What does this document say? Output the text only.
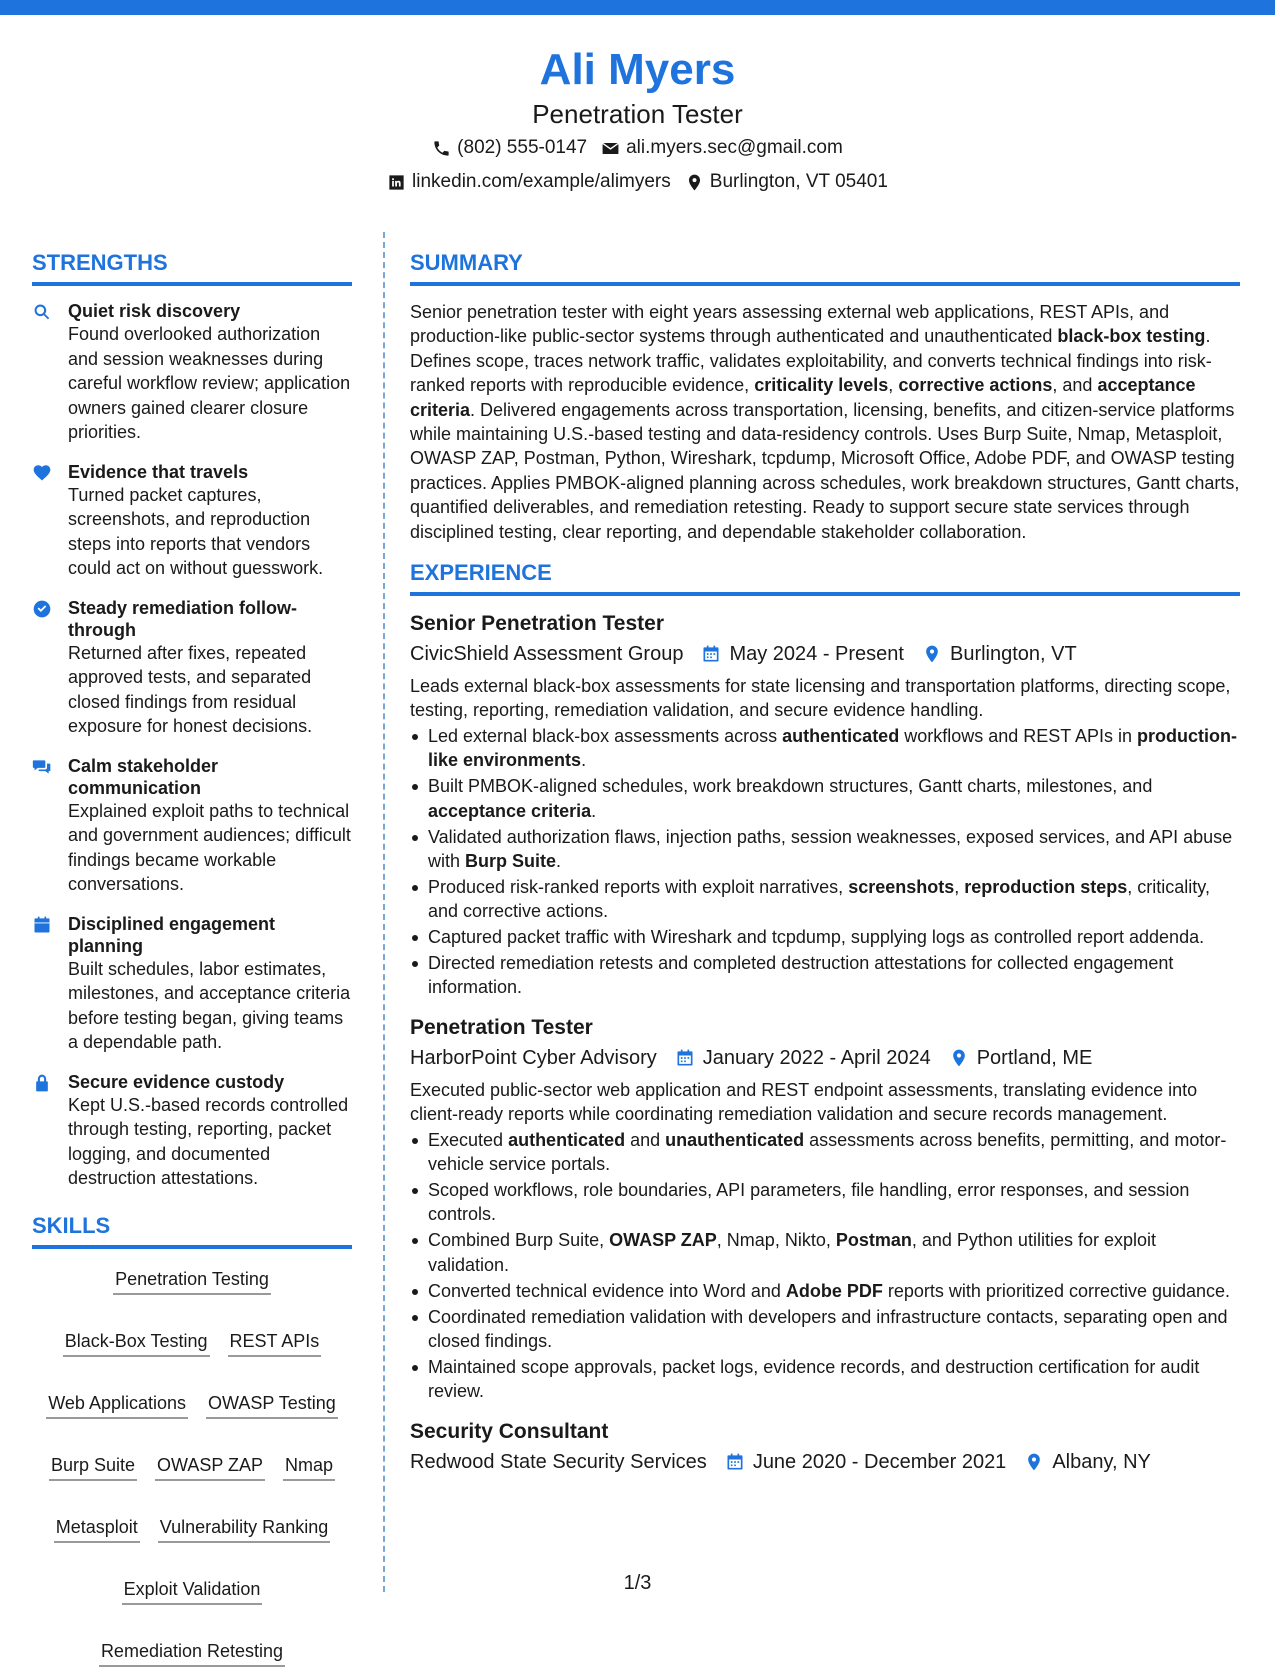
Ali Myers
Penetration Tester
(802) 555-0147 ali.myers.sec@gmail.com
linkedin.com/example/alimyers Burlington, VT 05401
STRENGTHS
Quiet risk discovery
Found overlooked authorization and session weaknesses during careful workflow review; application owners gained clearer closure priorities.
Evidence that travels
Turned packet captures, screenshots, and reproduction steps into reports that vendors could act on without guesswork.
Steady remediation follow-through
Returned after fixes, repeated approved tests, and separated closed findings from residual exposure for honest decisions.
Calm stakeholder communication
Explained exploit paths to technical and government audiences; difficult findings became workable conversations.
Disciplined engagement planning
Built schedules, labor estimates, milestones, and acceptance criteria before testing began, giving teams a dependable path.
Secure evidence custody
Kept U.S.-based records controlled through testing, reporting, packet logging, and documented destruction attestations.
SKILLS
Penetration Testing
Black-Box Testing REST APIs
Web Applications OWASP Testing
Burp Suite OWASP ZAP Nmap
Metasploit Vulnerability Ranking
Exploit Validation
Remediation Retesting
SUMMARY

Senior penetration tester with eight years assessing external web applications, REST APIs, and production-like public-sector systems through authenticated and unauthenticated black-box testing. Defines scope, traces network traffic, validates exploitability, and converts technical findings into risk-ranked reports with reproducible evidence, criticality levels, corrective actions, and acceptance criteria. Delivered engagements across transportation, licensing, benefits, and citizen-service platforms while maintaining U.S.-based testing and data-residency controls. Uses Burp Suite, Nmap, Metasploit, OWASP ZAP, Postman, Python, Wireshark, tcpdump, Microsoft Office, Adobe PDF, and OWASP testing practices. Applies PMBOK-aligned planning across schedules, work breakdown structures, Gantt charts, quantified deliverables, and remediation retesting. Ready to support secure state services through disciplined testing, clear reporting, and dependable stakeholder collaboration.

EXPERIENCE
Senior Penetration Tester
CivicShield Assessment Group May 2024 - Present Burlington, VT
Leads external black-box assessments for state licensing and transportation platforms, directing scope, testing, reporting, remediation validation, and secure evidence handling.
Led external black-box assessments across authenticated workflows and REST APIs in production-like environments.
Built PMBOK-aligned schedules, work breakdown structures, Gantt charts, milestones, and acceptance criteria.
Validated authorization flaws, injection paths, session weaknesses, exposed services, and API abuse with Burp Suite.
Produced risk-ranked reports with exploit narratives, screenshots, reproduction steps, criticality, and corrective actions.
Captured packet traffic with Wireshark and tcpdump, supplying logs as controlled report addenda.
Directed remediation retests and completed destruction attestations for collected engagement information.
Penetration Tester
HarborPoint Cyber Advisory January 2022 - April 2024 Portland, ME
Executed public-sector web application and REST endpoint assessments, translating evidence into client-ready reports while coordinating remediation validation and secure records management.
Executed authenticated and unauthenticated assessments across benefits, permitting, and motor-vehicle service portals.
Scoped workflows, role boundaries, API parameters, file handling, error responses, and session controls.
Combined Burp Suite, OWASP ZAP, Nmap, Nikto, Postman, and Python utilities for exploit validation.
Converted technical evidence into Word and Adobe PDF reports with prioritized corrective guidance.
Coordinated remediation validation with developers and infrastructure contacts, separating open and closed findings.
Maintained scope approvals, packet logs, evidence records, and destruction certification for audit review.
Security Consultant
Redwood State Security Services June 2020 - December 2021 Albany, NY
1/3
